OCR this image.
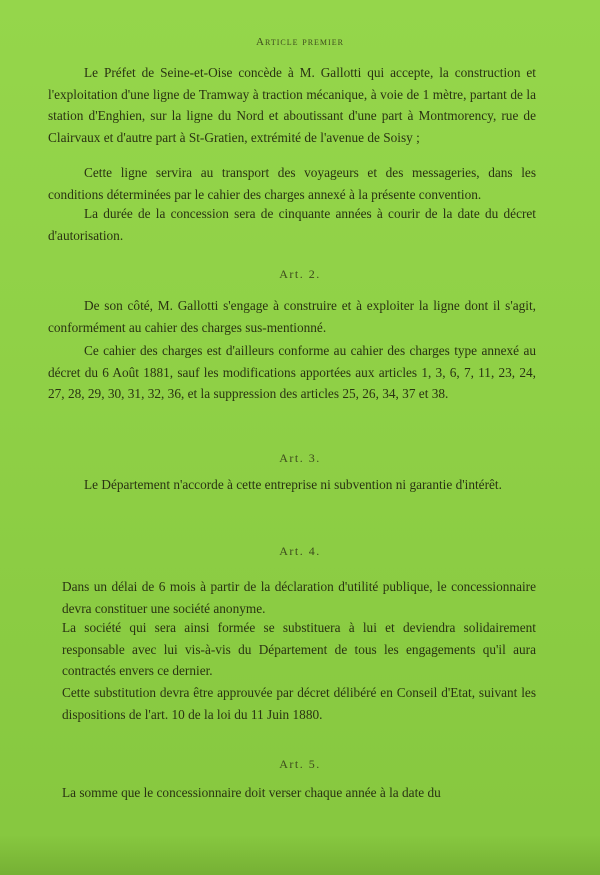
Article premier
Le Préfet de Seine-et-Oise concède à M. Gallotti qui accepte, la construction et l'exploitation d'une ligne de Tramway à traction mécanique, à voie de 1 mètre, partant de la station d'Enghien, sur la ligne du Nord et aboutissant d'une part à Montmorency, rue de Clairvaux et d'autre part à St-Gratien, extrémité de l'avenue de Soisy ;
Cette ligne servira au transport des voyageurs et des messageries, dans les conditions déterminées par le cahier des charges annexé à la présente convention.
La durée de la concession sera de cinquante années à courir de la date du décret d'autorisation.
Art. 2.
De son côté, M. Gallotti s'engage à construire et à exploiter la ligne dont il s'agit, conformément au cahier des charges sus-mentionné.
Ce cahier des charges est d'ailleurs conforme au cahier des charges type annexé au décret du 6 Août 1881, sauf les modifications apportées aux articles 1, 3, 6, 7, 11, 23, 24, 27, 28, 29, 30, 31, 32, 36, et la suppression des articles 25, 26, 34, 37 et 38.
Art. 3.
Le Département n'accorde à cette entreprise ni subvention ni garantie d'intérêt.
Art. 4.
Dans un délai de 6 mois à partir de la déclaration d'utilité publique, le concessionnaire devra constituer une société anonyme.
La société qui sera ainsi formée se substituera à lui et deviendra solidairement responsable avec lui vis-à-vis du Département de tous les engagements qu'il aura contractés envers ce dernier.
Cette substitution devra être approuvée par décret délibéré en Conseil d'Etat, suivant les dispositions de l'art. 10 de la loi du 11 Juin 1880.
Art. 5.
La somme que le concessionnaire doit verser chaque année à la date du
